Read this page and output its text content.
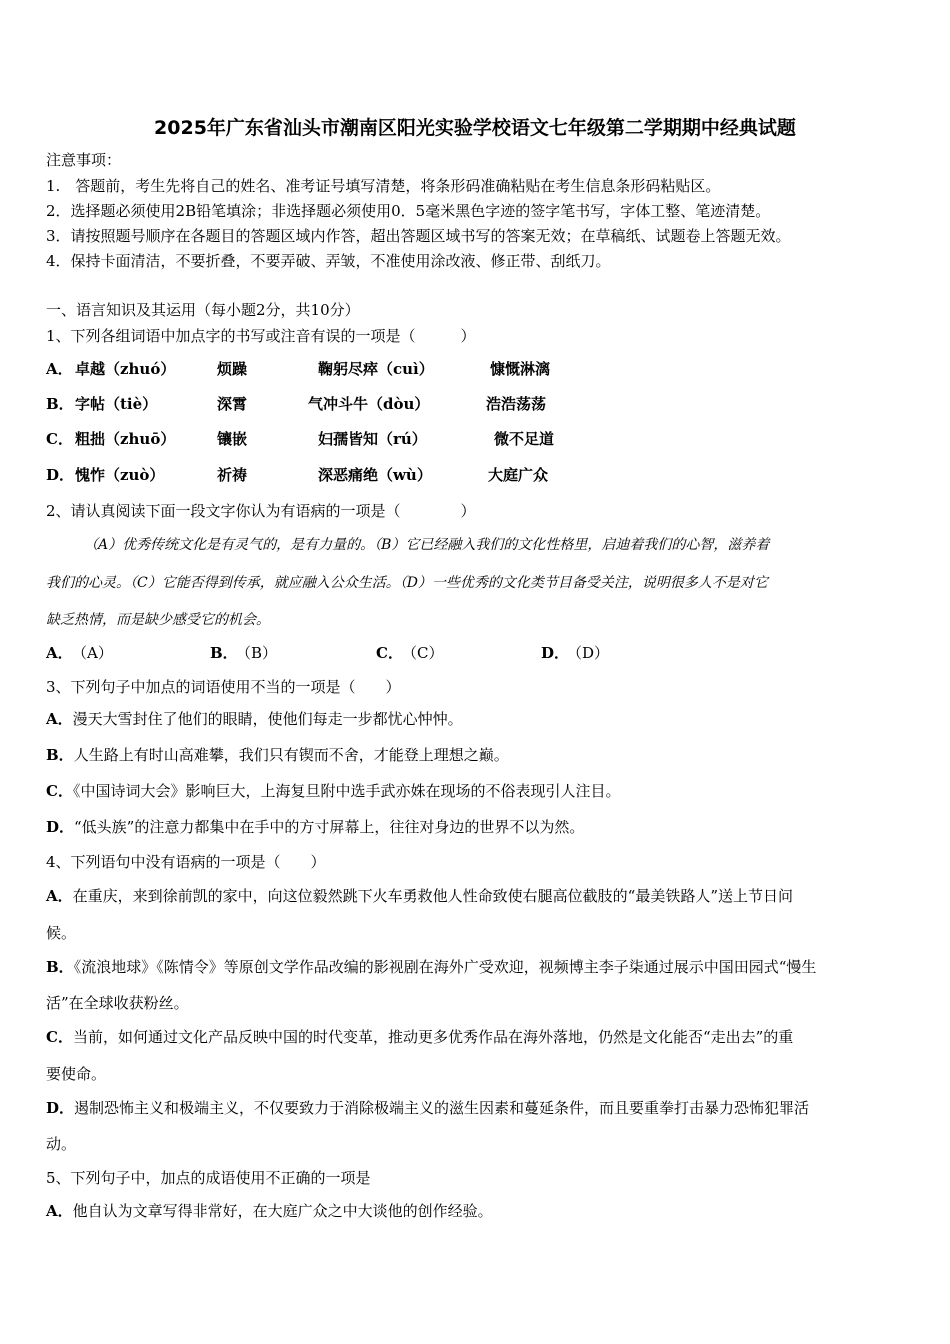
2025年广东省汕头市潮南区阳光实验学校语文七年级第二学期期中经典试题
注意事项：
1.　答题前，考生先将自己的姓名、准考证号填写清楚，将条形码准确粘贴在考生信息条形码粘贴区。
2．选择题必须使用2B铅笔填涂；非选择题必须使用0．5毫米黑色字迹的签字笔书写，字体工整、笔迹清楚。
3．请按照题号顺序在各题目的答题区域内作答，超出答题区域书写的答案无效；在草稿纸、试题卷上答题无效。
4．保持卡面清洁，不要折叠，不要弄破、弄皱，不准使用涂改液、修正带、刮纸刀。
一、语言知识及其运用（每小题2分，共10分）
1、下列各组词语中加点字的书写或注音有误的一项是（　　　）
A． 卓越（zhuó）	烦躁	鞠躬尽瘁（cuì）	慷慨淋漓
B． 字帖（tiè）	深霄	气冲斗牛（dòu）	浩浩荡荡
C． 粗拙（zhuō）	镶嵌	妇孺皆知（rú）	微不足道
D． 愧怍（zuò）	祈祷	深恶痛绝（wù）	大庭广众
2、请认真阅读下面一段文字你认为有语病的一项是（　　　　）
（A）优秀传统文化是有灵气的，是有力量的。（B）它已经融入我们的文化性格里，启迪着我们的心智，滋养着
我们的心灵。（C）它能否得到传承，就应融入公众生活。（D）一些优秀的文化类节目备受关注，说明很多人不是对它
缺乏热情，而是缺少感受它的机会。
A． （A）	B．
（B）	C． （C）	D．
（D）
3、下列句子中加点的词语使用不当的一项是（　　）
A．漫天大雪封住了他们的眼睛，使他们每走一步都忧心忡忡。
B．人生路上有时山高难攀，我们只有锲而不舍，才能登上理想之巅。
C．《中国诗词大会》影响巨大，上海复旦附中选手武亦姝在现场的不俗表现引人注目。
D．“低头族”的注意力都集中在手中的方寸屏幕上，往往对身边的世界不以为然。
4、下列语句中没有语病的一项是（　　）
A．在重庆，来到徐前凯的家中，向这位毅然跳下火车勇救他人性命致使右腿高位截肢的“最美铁路人”送上节日问
候。
B．《流浪地球》《陈情令》等原创文学作品改编的影视剧在海外广受欢迎，视频博主李子柒通过展示中国田园式“慢生
活”在全球收获粉丝。
C．当前，如何通过文化产品反映中国的时代变革，推动更多优秀作品在海外落地，仍然是文化能否“走出去”的重
要使命。
D．遏制恐怖主义和极端主义，不仅要致力于消除极端主义的滋生因素和蔓延条件，而且要重拳打击暴力恐怖犯罪活
动。
5、下列句子中，加点的成语使用不正确的一项是
A．他自认为文章写得非常好，在大庭广众之中大谈他的创作经验。
